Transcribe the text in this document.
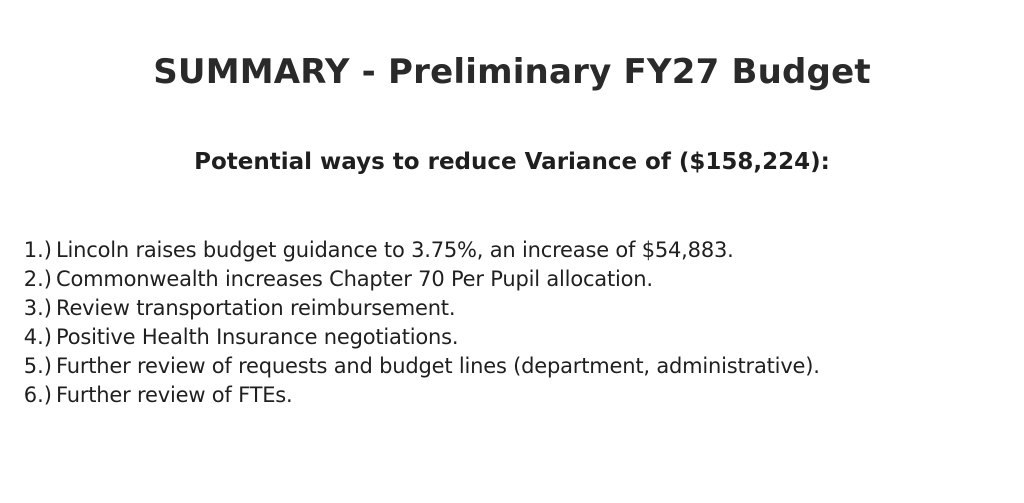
SUMMARY - Preliminary FY27 Budget
Potential ways to reduce Variance of ($158,224):
1.) Lincoln raises budget guidance to 3.75%, an increase of $54,883.
2.) Commonwealth increases Chapter 70 Per Pupil allocation.
3.) Review transportation reimbursement.
4.) Positive Health Insurance negotiations.
5.) Further review of requests and budget lines (department, administrative).
6.) Further review of FTEs.
